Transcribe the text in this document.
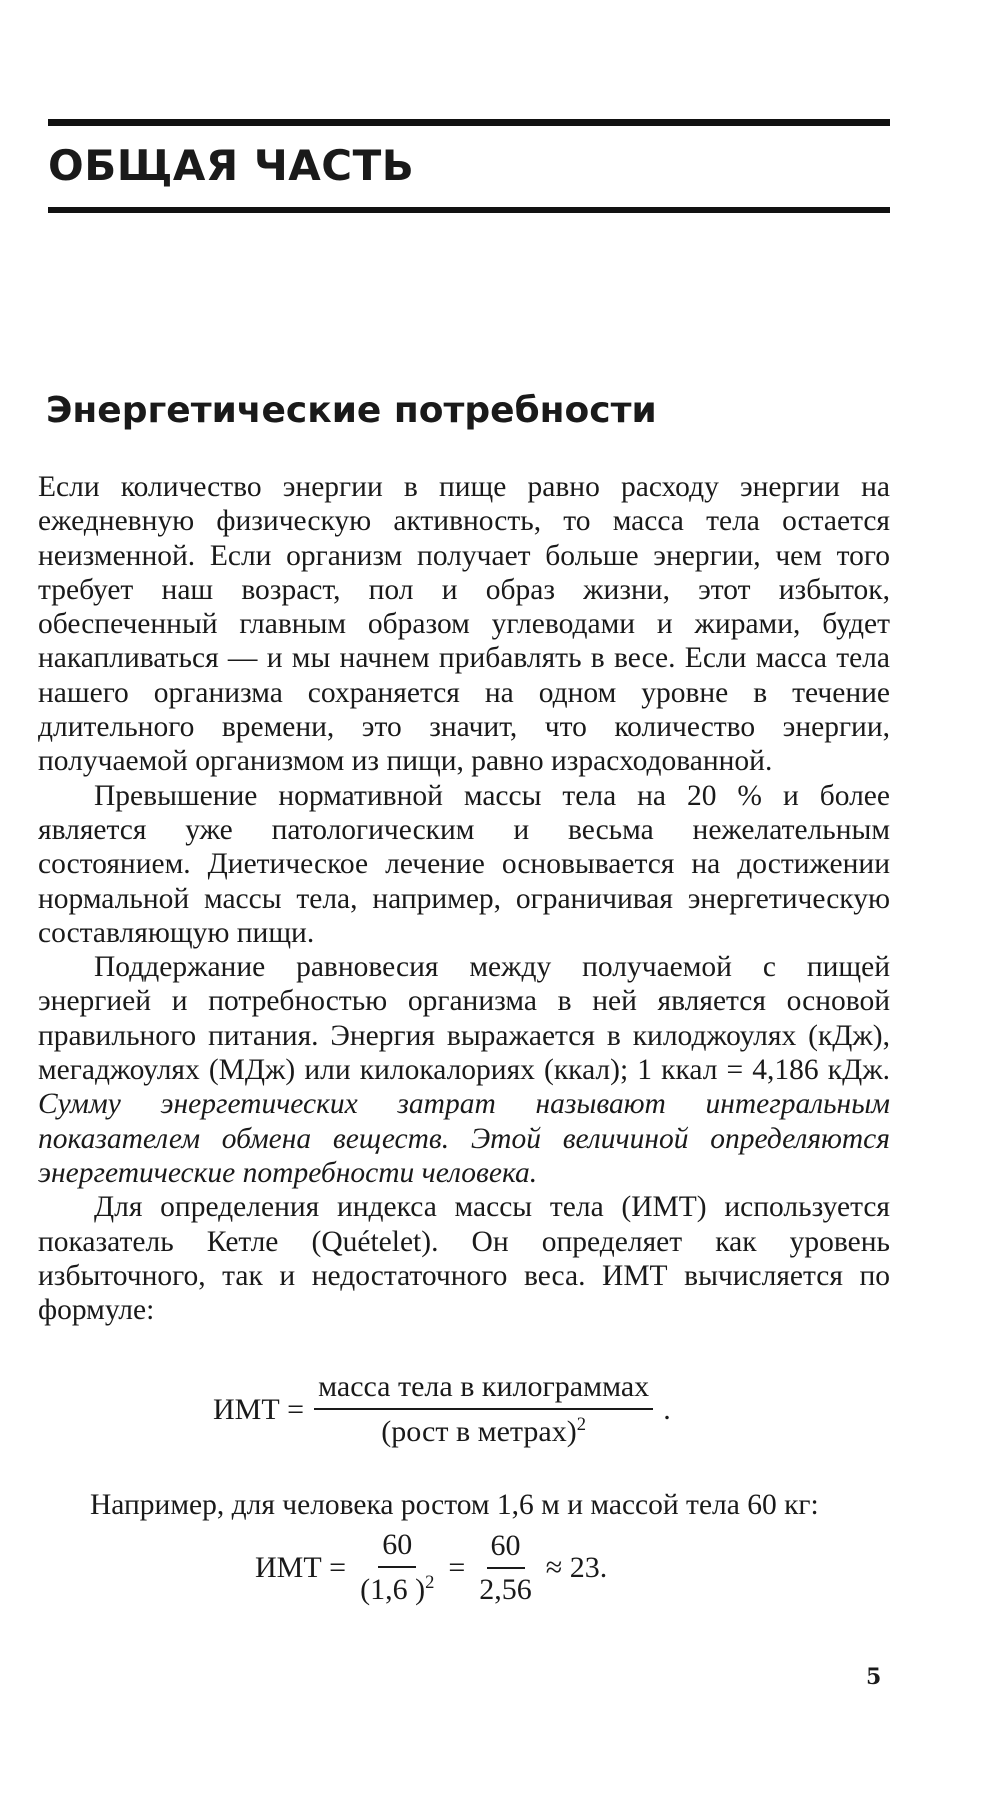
ОБЩАЯ ЧАСТЬ
Энергетические потребности

Если количество энергии в пище равно расходу энергии на ежедневную физическую активность, то масса тела остается неизменной. Если организм получает больше энергии, чем того требует наш возраст, пол и образ жизни, этот избыток, обеспеченный главным образом углеводами и жирами, будет накапливаться — и мы начнем прибавлять в весе. Если масса тела нашего организма сохраняется на одном уровне в течение длительного времени, это значит, что количество энергии, получаемой организмом из пищи, равно израсходованной.

Превышение нормативной массы тела на 20 % и более является уже патологическим и весьма нежелательным состоянием. Диетическое лечение основывается на достижении нормальной массы тела, например, ограничивая энергетическую составляющую пищи.

Поддержание равновесия между получаемой с пищей энергией и потребностью организма в ней является основой правильного питания. Энергия выражается в килоджоулях (кДж), мегаджоулях (МДж) или килокалориях (ккал); 1 ккал = 4,186 кДж. Сумму энергетических затрат называют интегральным показателем обмена веществ. Этой величиной определяются энергетические потребности человека.

Для определения индекса массы тела (ИМТ) используется показатель Кетле (Quételet). Он определяет как уровень избыточного, так и недостаточного веса. ИМТ вычисляется по формуле:

ИМТ = $\frac{\text{масса тела в килограммах}}{(рост в метрах)^2}$ .

Например, для человека ростом 1,6 м и массой тела 60 кг:

ИМТ = $\frac{60}{(1,6 )^2} = \frac{60}{2,56} \approx 23$.
5
